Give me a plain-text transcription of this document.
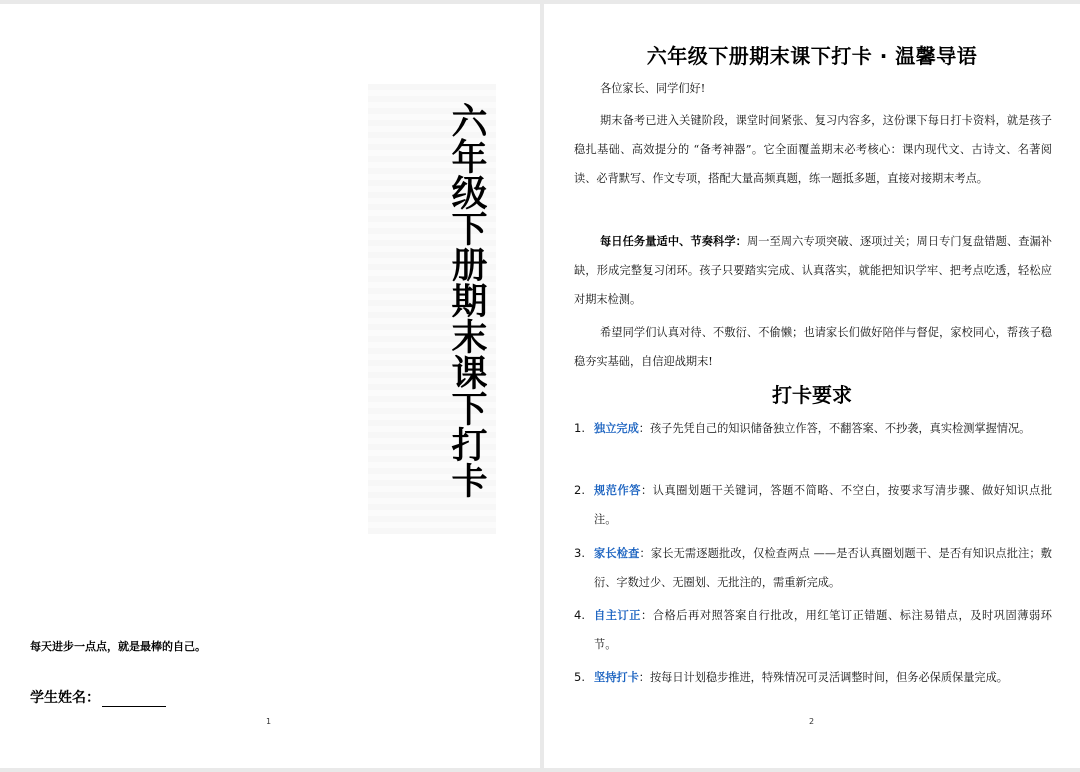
六年级下册期末课下打卡
每天进步一点点，就是最棒的自己。
学生姓名：
1
六年级下册期末课下打卡 · 温馨导语
各位家长、同学们好!
期末备考已进入关键阶段，课堂时间紧张、复习内容多，这份课下每日打卡资料，就是孩子稳扎基础、高效提分的 “备考神器”。它全面覆盖期末必考核心：课内现代文、古诗文、名著阅读、必背默写、作文专项，搭配大量高频真题，练一题抵多题，直接对接期末考点。
每日任务量适中、节奏科学：周一至周六专项突破、逐项过关；周日专门复盘错题、查漏补缺，形成完整复习闭环。孩子只要踏实完成、认真落实，就能把知识学牢、把考点吃透，轻松应对期末检测。
希望同学们认真对待、不敷衍、不偷懒；也请家长们做好陪伴与督促，家校同心，帮孩子稳稳夯实基础，自信迎战期末!
打卡要求
1. 独立完成：孩子先凭自己的知识储备独立作答，不翻答案、不抄袭，真实检测掌握情况。
2. 规范作答：认真圈划题干关键词，答题不简略、不空白，按要求写清步骤、做好知识点批注。
3. 家长检查：家长无需逐题批改，仅检查两点 ——是否认真圈划题干、是否有知识点批注；敷衍、字数过少、无圈划、无批注的，需重新完成。
4. 自主订正：合格后再对照答案自行批改，用红笔订正错题、标注易错点，及时巩固薄弱环节。
5. 坚持打卡：按每日计划稳步推进，特殊情况可灵活调整时间，但务必保质保量完成。
2
